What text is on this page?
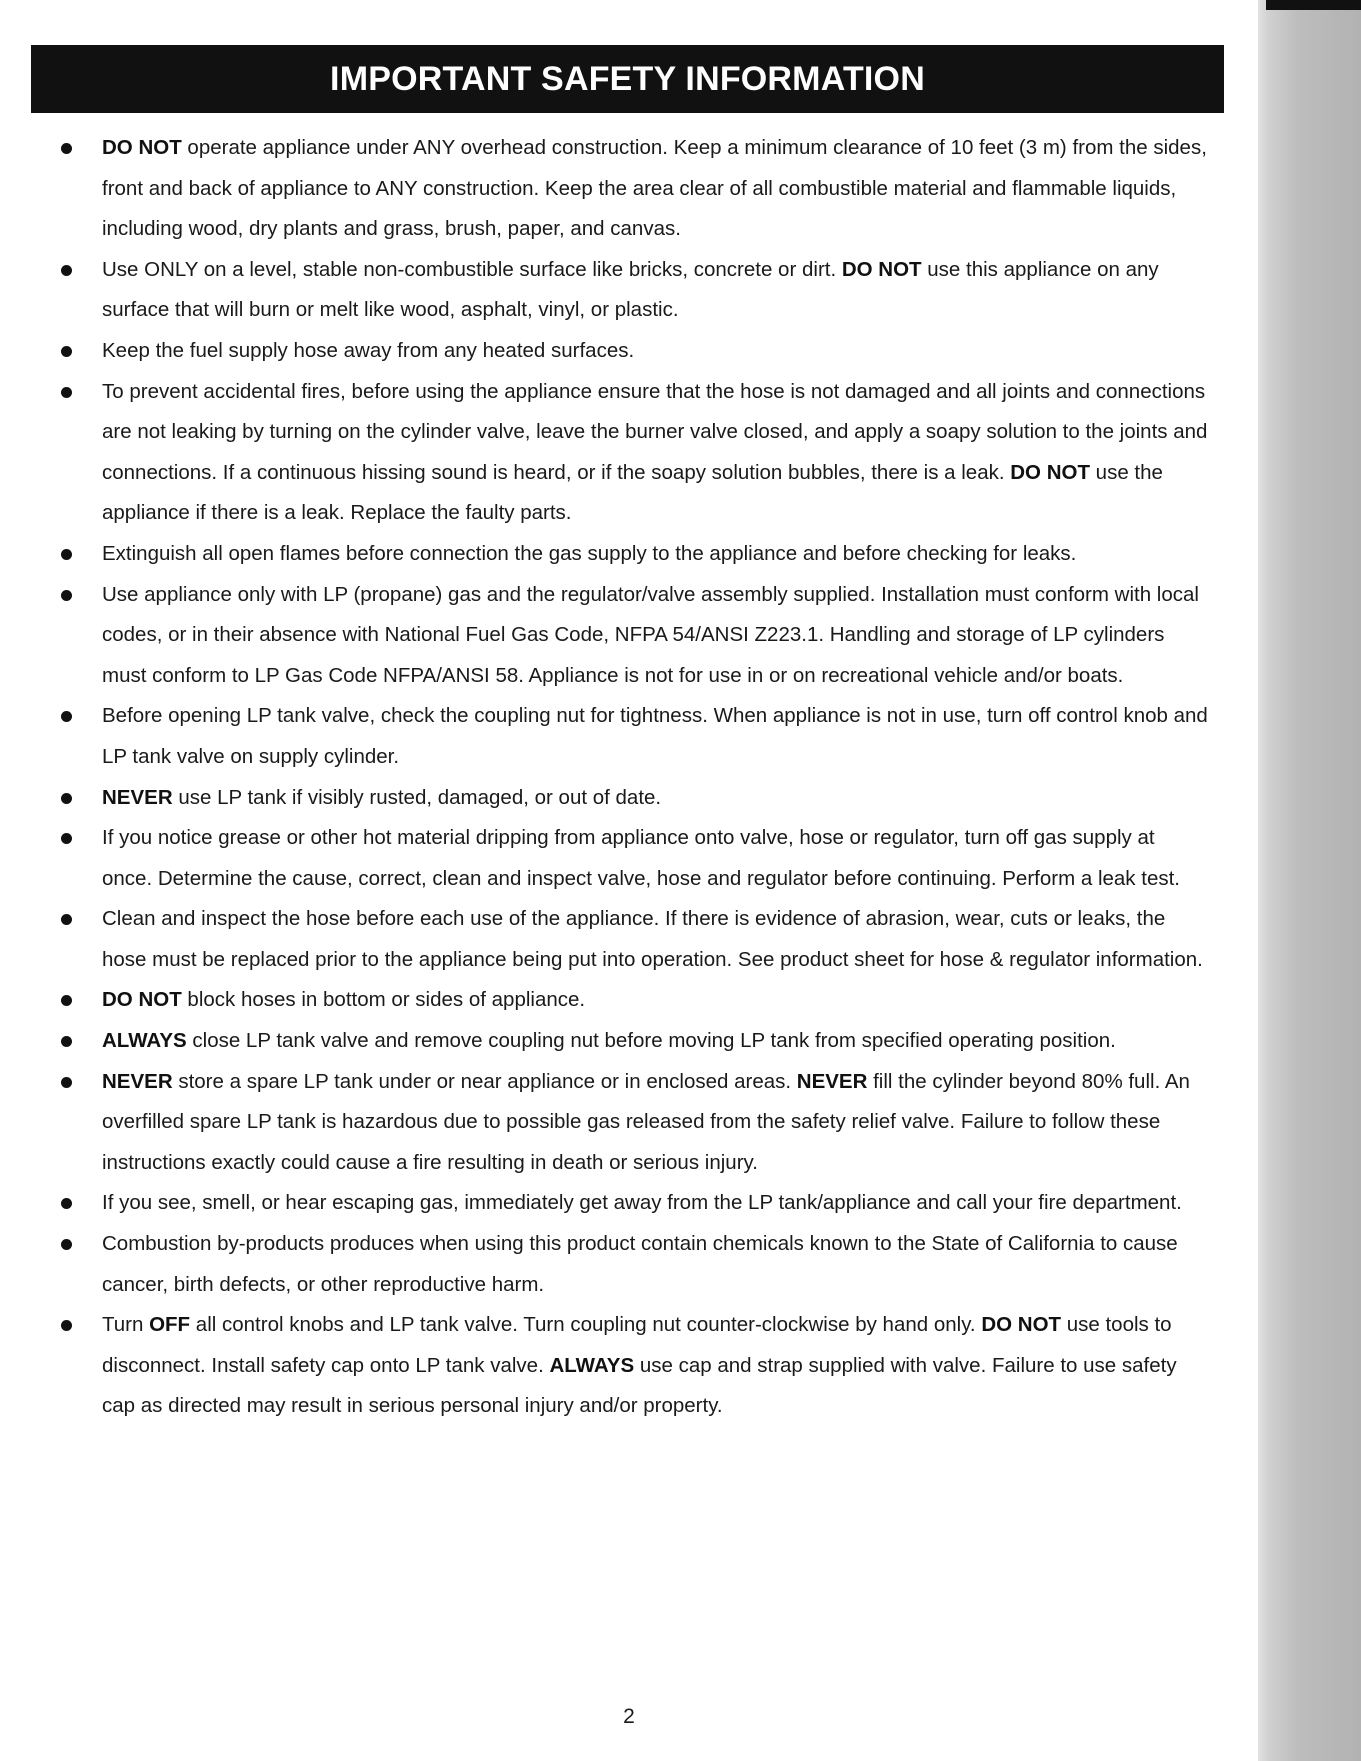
IMPORTANT SAFETY INFORMATION
DO NOT operate appliance under ANY overhead construction. Keep a minimum clearance of 10 feet (3 m) from the sides, front and back of appliance to ANY construction. Keep the area clear of all combustible material and flammable liquids, including wood, dry plants and grass, brush, paper, and canvas.
Use ONLY on a level, stable non-combustible surface like bricks, concrete or dirt. DO NOT use this appliance on any surface that will burn or melt like wood, asphalt, vinyl, or plastic.
Keep the fuel supply hose away from any heated surfaces.
To prevent accidental fires, before using the appliance ensure that the hose is not damaged and all joints and connections are not leaking by turning on the cylinder valve, leave the burner valve closed, and apply a soapy solution to the joints and connections. If a continuous hissing sound is heard, or if the soapy solution bubbles, there is a leak. DO NOT use the appliance if there is a leak. Replace the faulty parts.
Extinguish all open flames before connection the gas supply to the appliance and before checking for leaks.
Use appliance only with LP (propane) gas and the regulator/valve assembly supplied. Installation must conform with local codes, or in their absence with National Fuel Gas Code, NFPA 54/ANSI Z223.1. Handling and storage of LP cylinders must conform to LP Gas Code NFPA/ANSI 58. Appliance is not for use in or on recreational vehicle and/or boats.
Before opening LP tank valve, check the coupling nut for tightness. When appliance is not in use, turn off control knob and LP tank valve on supply cylinder.
NEVER use LP tank if visibly rusted, damaged, or out of date.
If you notice grease or other hot material dripping from appliance onto valve, hose or regulator, turn off gas supply at once. Determine the cause, correct, clean and inspect valve, hose and regulator before continuing. Perform a leak test.
Clean and inspect the hose before each use of the appliance. If there is evidence of abrasion, wear, cuts or leaks, the hose must be replaced prior to the appliance being put into operation. See product sheet for hose & regulator information.
DO NOT block hoses in bottom or sides of appliance.
ALWAYS close LP tank valve and remove coupling nut before moving LP tank from specified operating position.
NEVER store a spare LP tank under or near appliance or in enclosed areas. NEVER fill the cylinder beyond 80% full. An overfilled spare LP tank is hazardous due to possible gas released from the safety relief valve. Failure to follow these instructions exactly could cause a fire resulting in death or serious injury.
If you see, smell, or hear escaping gas, immediately get away from the LP tank/appliance and call your fire department.
Combustion by-products produces when using this product contain chemicals known to the State of California to cause cancer, birth defects, or other reproductive harm.
Turn OFF all control knobs and LP tank valve. Turn coupling nut counter-clockwise by hand only. DO NOT use tools to disconnect. Install safety cap onto LP tank valve. ALWAYS use cap and strap supplied with valve. Failure to use safety cap as directed may result in serious personal injury and/or property.
2
